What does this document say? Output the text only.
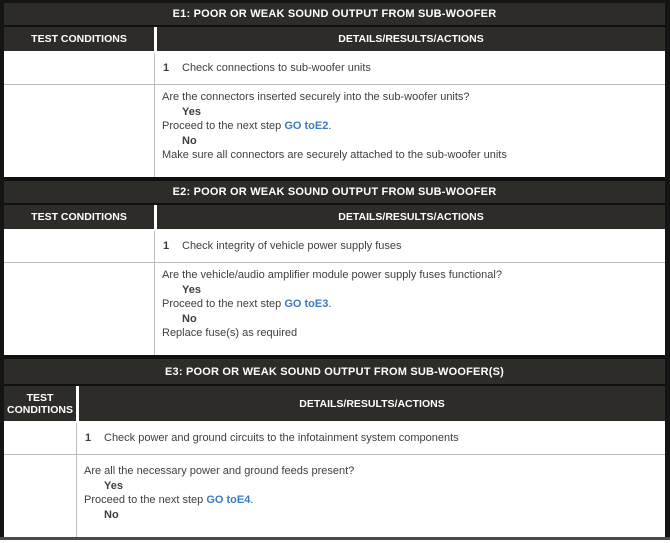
E1: POOR OR WEAK SOUND OUTPUT FROM SUB-WOOFER
TEST CONDITIONS	DETAILS/RESULTS/ACTIONS
1	Check connections to sub-woofer units
Are the connectors inserted securely into the sub-woofer units?
Yes
Proceed to the next step GO toE2.
No
Make sure all connectors are securely attached to the sub-woofer units
E2: POOR OR WEAK SOUND OUTPUT FROM SUB-WOOFER
TEST CONDITIONS	DETAILS/RESULTS/ACTIONS
1	Check integrity of vehicle power supply fuses
Are the vehicle/audio amplifier module power supply fuses functional?
Yes
Proceed to the next step GO toE3.
No
Replace fuse(s) as required
E3: POOR OR WEAK SOUND OUTPUT FROM SUB-WOOFER(S)
TEST CONDITIONS	DETAILS/RESULTS/ACTIONS
1	Check power and ground circuits to the infotainment system components
Are all the necessary power and ground feeds present?
Yes
Proceed to the next step GO toE4.
No
